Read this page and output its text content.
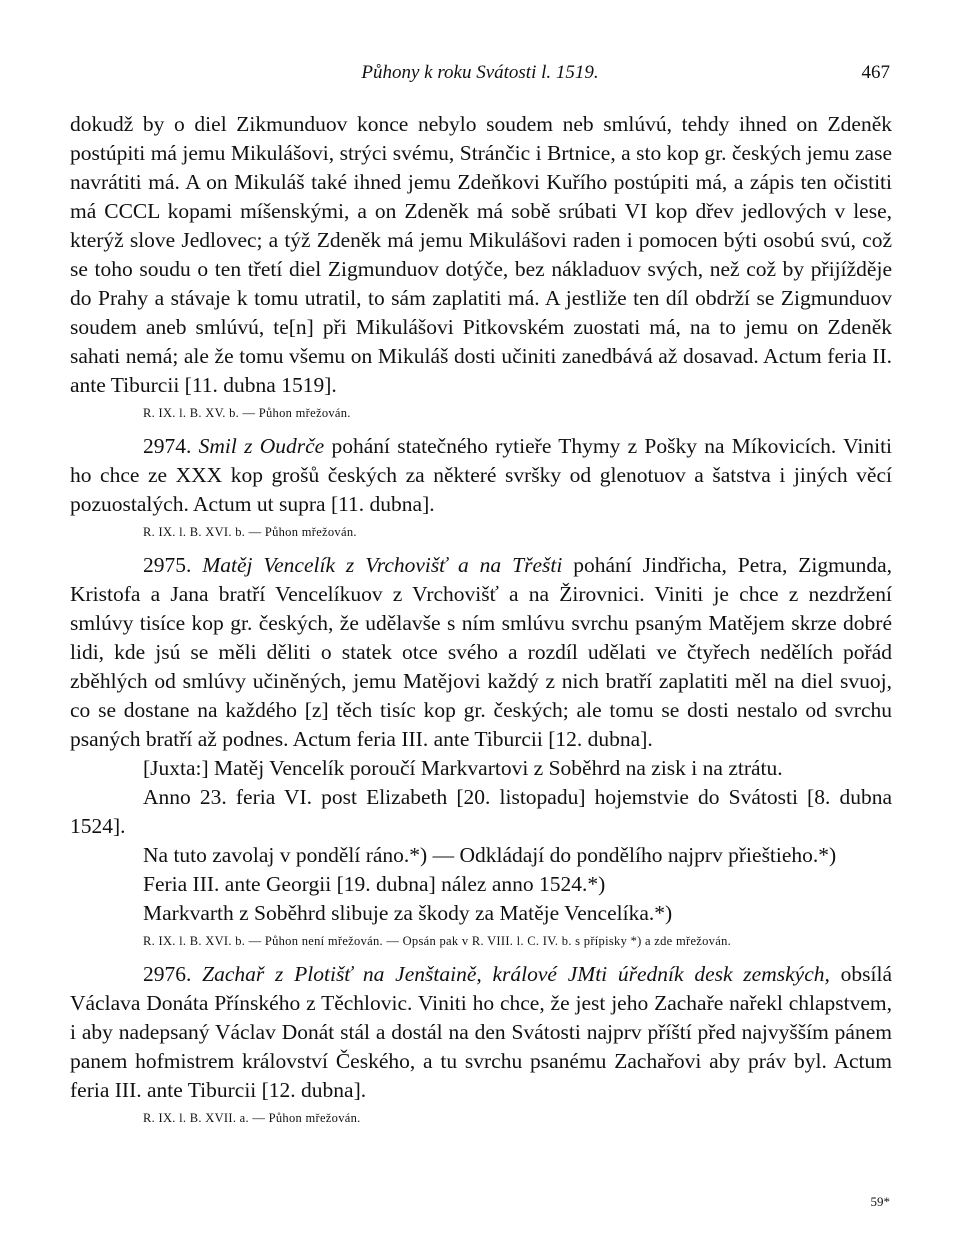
Půhony k roku Svátosti l. 1519.	467

dokudž by o diel Zikmunduov konce nebylo soudem neb smlúvú, tehdy ihned on Zdeněk postúpiti má jemu Mikulášovi, strýci svému, Stránčic i Brtnice, a sto kop gr. českých jemu zase navrátiti má. A on Mikuláš také ihned jemu Zdeňkovi Kuřího postúpiti má, a zápis ten očistiti má CCCL kopami míšenskými, a on Zdeněk má sobě srúbati VI kop dřev jedlových v lese, kterýž slove Jedlovec; a týž Zdeněk má jemu Mikulášovi raden i pomocen býti osobú svú, což se toho soudu o ten třetí diel Zigmunduov dotýče, bez nákladuov svých, než což by přijížděje do Prahy a stávaje k tomu utratil, to sám zaplatiti má. A jestliže ten díl obdrží se Zigmunduov soudem aneb smlúvú, te[n] při Mikulášovi Pitkovském zuostati má, na to jemu on Zdeněk sahati nemá; ale že tomu všemu on Mikuláš dosti učiniti zanedbává až dosavad. Actum feria II. ante Tiburcii [11. dubna 1519].

R. IX. l. B. XV. b. — Půhon mřežován.

2974. Smil z Oudrče pohání statečného rytieře Thymy z Pošky na Míkovicích. Viniti ho chce ze XXX kop grošů českých za některé svršky od glenotuov a šatstva i jiných věcí pozuostalých. Actum ut supra [11. dubna].

R. IX. l. B. XVI. b. — Půhon mřežován.

2975. Matěj Vencelík z Vrchovišť a na Třešti pohání Jindřicha, Petra, Zigmunda, Kristofa a Jana bratří Vencelíkuov z Vrchovišť a na Žirovnici. Viniti je chce z nezdržení smlúvy tisíce kop gr. českých, že udělavše s ním smlúvu svrchu psaným Matějem skrze dobré lidi, kde jsú se měli děliti o statek otce svého a rozdíl udělati ve čtyřech nedělích pořád zběhlých od smlúvy učiněných, jemu Matějovi každý z nich bratří zaplatiti měl na diel svuoj, co se dostane na každého [z] těch tisíc kop gr. českých; ale tomu se dosti nestalo od svrchu psaných bratří až podnes. Actum feria III. ante Tiburcii [12. dubna].

[Juxta:] Matěj Vencelík poroučí Markvartovi z Soběhrd na zisk i na ztrátu.

Anno 23. feria VI. post Elizabeth [20. listopadu] hojemstvie do Svátosti [8. dubna 1524].

Na tuto zavolaj v pondělí ráno.*) — Odkládají do pondělího najprv přieštieho.*)

Feria III. ante Georgii [19. dubna] nález anno 1524.*)

Markvarth z Soběhrd slibuje za škody za Matěje Vencelíka.*)

R. IX. l. B. XVI. b. — Půhon není mřežován. — Opsán pak v R. VIII. l. C. IV. b. s přípisky *) a zde mřežován.

2976. Zachař z Plotišť na Jenštaině, králové JMti úředník desk zemských, obsílá Václava Donáta Přínského z Těchlovic. Viniti ho chce, že jest jeho Zachaře nařekl chlapstvem, i aby nadepsaný Václav Donát stál a dostál na den Svátosti najprv příští před najvyšším pánem panem hofmistrem království Českého, a tu svrchu psanému Zachařovi aby práv byl. Actum feria III. ante Tiburcii [12. dubna].

R. IX. l. B. XVII. a. — Půhon mřežován.
59*
